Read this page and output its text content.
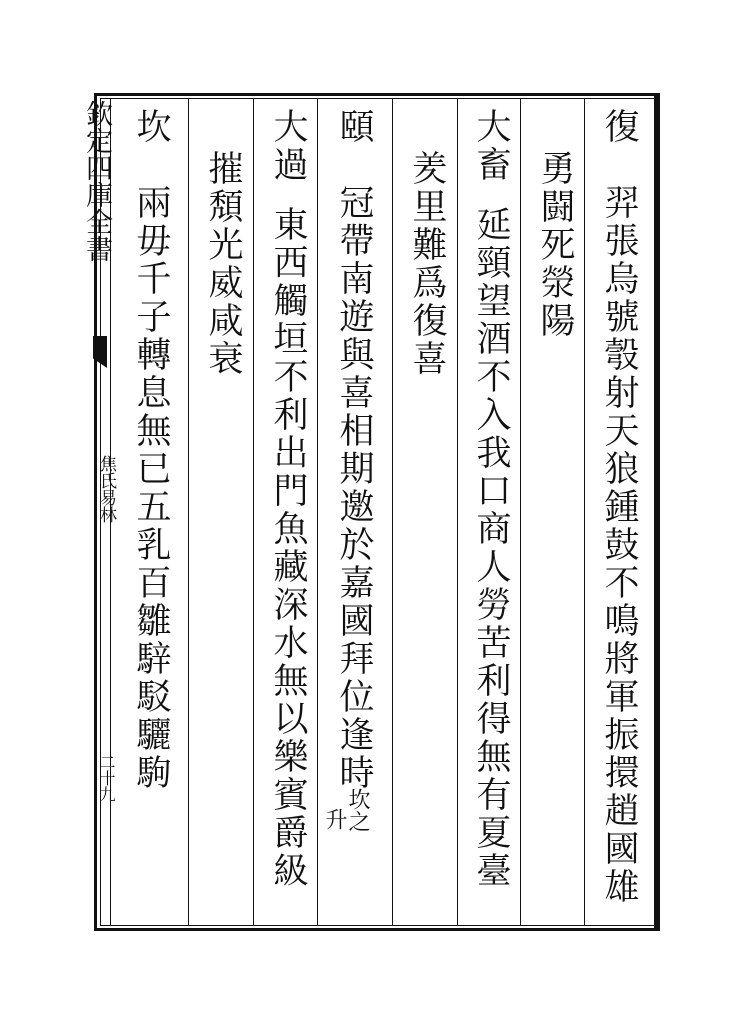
欽定四庫全書
焦氏易林
二十九
復羿張烏號彀射天狼鍾鼓不鳴將軍振擐趙國雄
勇闘死滎陽
大畜延頸望酒不入我口商人勞苦利得無有夏臺
羑里難爲復喜
頤冠帶南遊與喜相期邀於嘉國拜位逢時
坎之
升
大過東西觸垣不利出門魚藏深水無以樂賓爵級
摧頽光威咸衰
坎兩毋千子轉息無已五乳百雛騂駁驪駒
